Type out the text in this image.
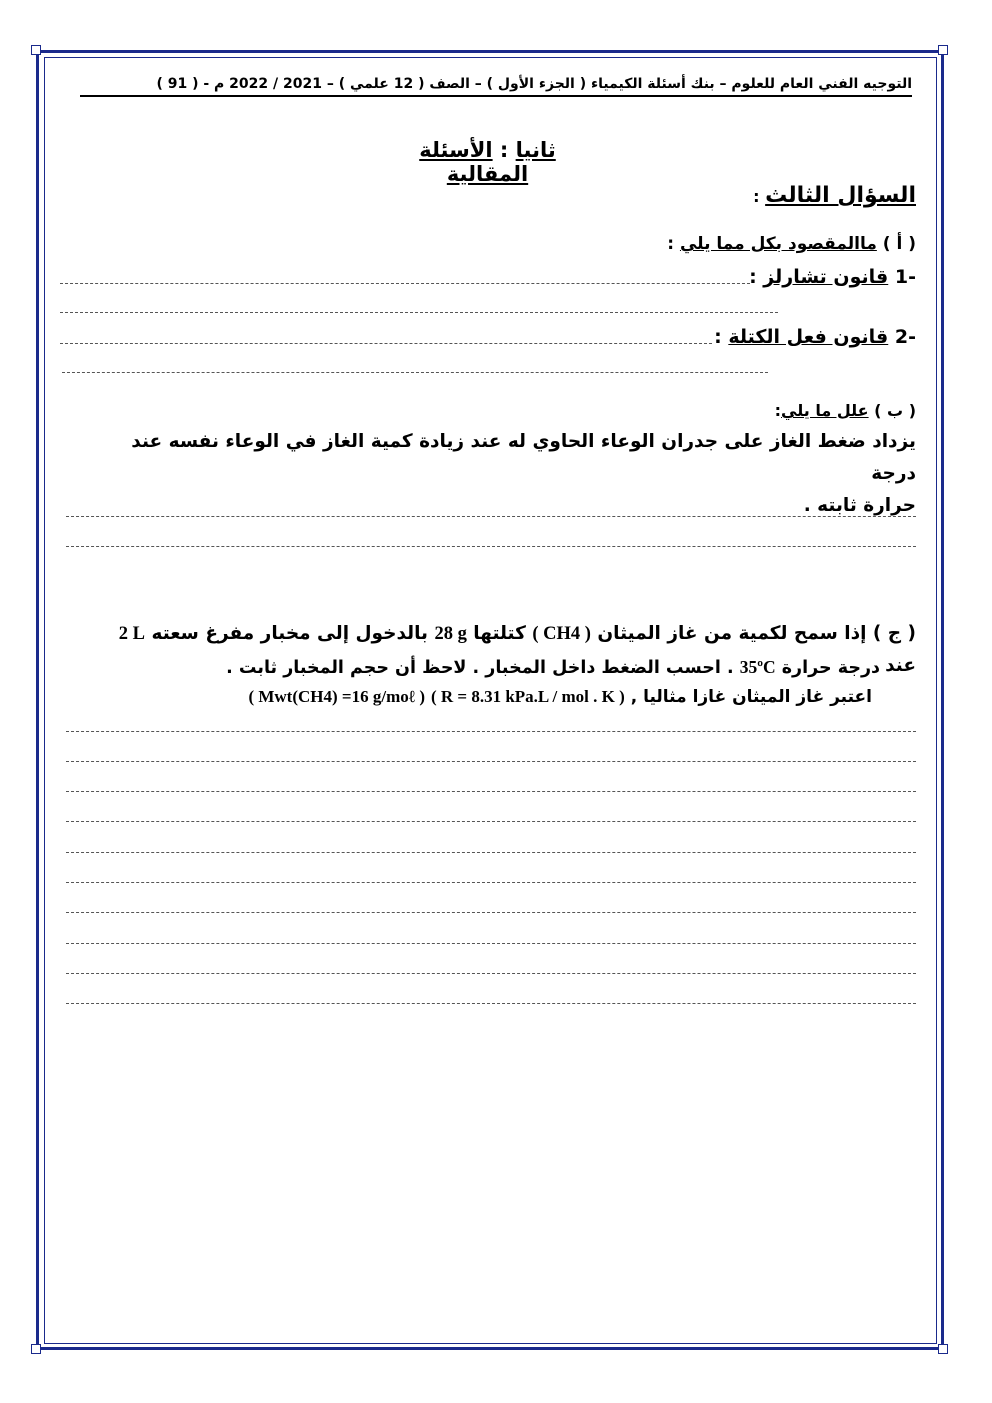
التوجيه الفني العام للعلوم – بنك أسئلة الكيمياء ( الجزء الأول ) – الصف ( 12 علمي ) – 2021 / 2022 م - ( 91 )
ثانيا : الأسئلة المقالية
السؤال الثالث :
( أ ) ماالمقصود بكل مما يلي :
-1 قانون تشارلز :
-2 قانون فعل الكتلة :
( ب ) علل ما يلي:
يزداد ضغط الغاز على جدران الوعاء الحاوي له عند زيادة كمية الغاز في الوعاء نفسه عند درجة
حرارة ثابته .
( ج ) إذا سمح لكمية من غاز الميثان ( CH4 ) كتلتها 28 g بالدخول إلى مخبار مفرغ سعته 2 L عند
درجة حرارة 35ºC . احسب الضغط داخل المخبار . لاحظ أن حجم المخبار ثابت .
اعتبر غاز الميثان غازا مثاليا , ( Mwt(CH4) =16 g/moℓ ) ( R = 8.31 kPa.L / mol . K )
